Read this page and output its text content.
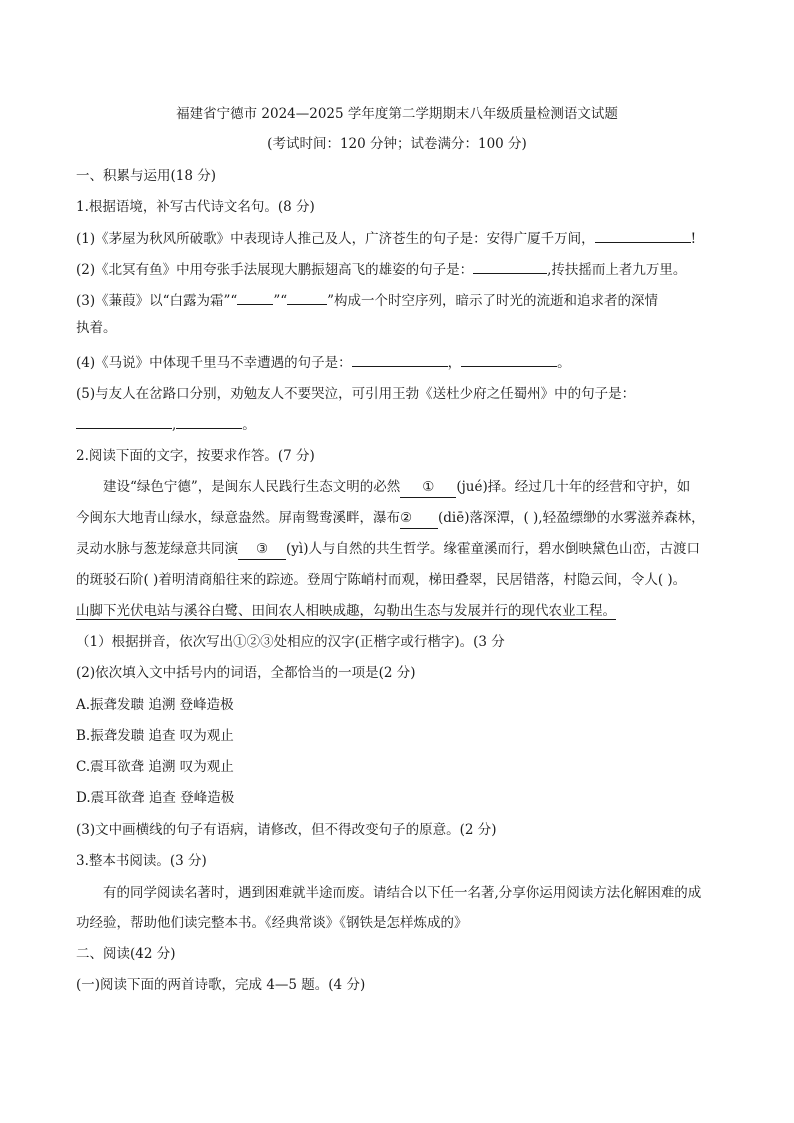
福建省宁德市 2024—2025 学年度第二学期期末八年级质量检测语文试题
(考试时间：120 分钟；试卷满分：100 分)
一、积累与运用(18 分)
1.根据语境，补写古代诗文名句。(8 分)
(1)《茅屋为秋风所破歌》中表现诗人推己及人，广济苍生的句子是：安得广厦千万间，	!
(2)《北冥有鱼》中用夸张手法展现大鹏振翅高飞的雄姿的句子是：	,抟扶摇而上者九万里。
(3)《蒹葭》以“白露为霜”“	”“	”构成一个时空序列，暗示了时光的流逝和追求者的深情
执着。
(4)《马说》中体现千里马不幸遭遇的句子是：	，	。
(5)与友人在岔路口分别，劝勉友人不要哭泣，可引用王勃《送杜少府之任蜀州》中的句子是：
,	。
2.阅读下面的文字，按要求作答。(7 分)
建设“绿色宁德”，是闽东人民践行生态文明的必然 ① (jué)择。经过几十年的经营和守护，如
今闽东大地青山绿水，绿意盎然。屏南鸳鸯溪畔，瀑布② (diē)落深潭，( ),轻盈缥缈的水雾滋养森林，
灵动水脉与葱茏绿意共同演 ③ (yì)人与自然的共生哲学。缘霍童溪而行，碧水倒映黛色山峦，古渡口
的斑驳石阶( )着明清商船往来的踪迹。登周宁陈峭村而观，梯田叠翠，民居错落，村隐云间，令人( )。
山脚下光伏电站与溪谷白鹭、田间农人相映成趣，勾勒出生态与发展并行的现代农业工程。
（1）根据拼音，依次写出①②③处相应的汉字(正楷字或行楷字)。(3 分
(2)依次填入文中括号内的词语，全都恰当的一项是(2 分)
A.振聋发聩 追溯 登峰造极
B.振聋发聩 追查 叹为观止
C.震耳欲聋 追溯 叹为观止
D.震耳欲聋 追查 登峰造极
(3)文中画横线的句子有语病，请修改，但不得改变句子的原意。(2 分)
3.整本书阅读。(3 分)
有的同学阅读名著时，遇到困难就半途而废。请结合以下任一名著,分享你运用阅读方法化解困难的成
功经验，帮助他们读完整本书。《经典常谈》《钢铁是怎样炼成的》
二、阅读(42 分)
(一)阅读下面的两首诗歌，完成 4—5 题。(4 分)
